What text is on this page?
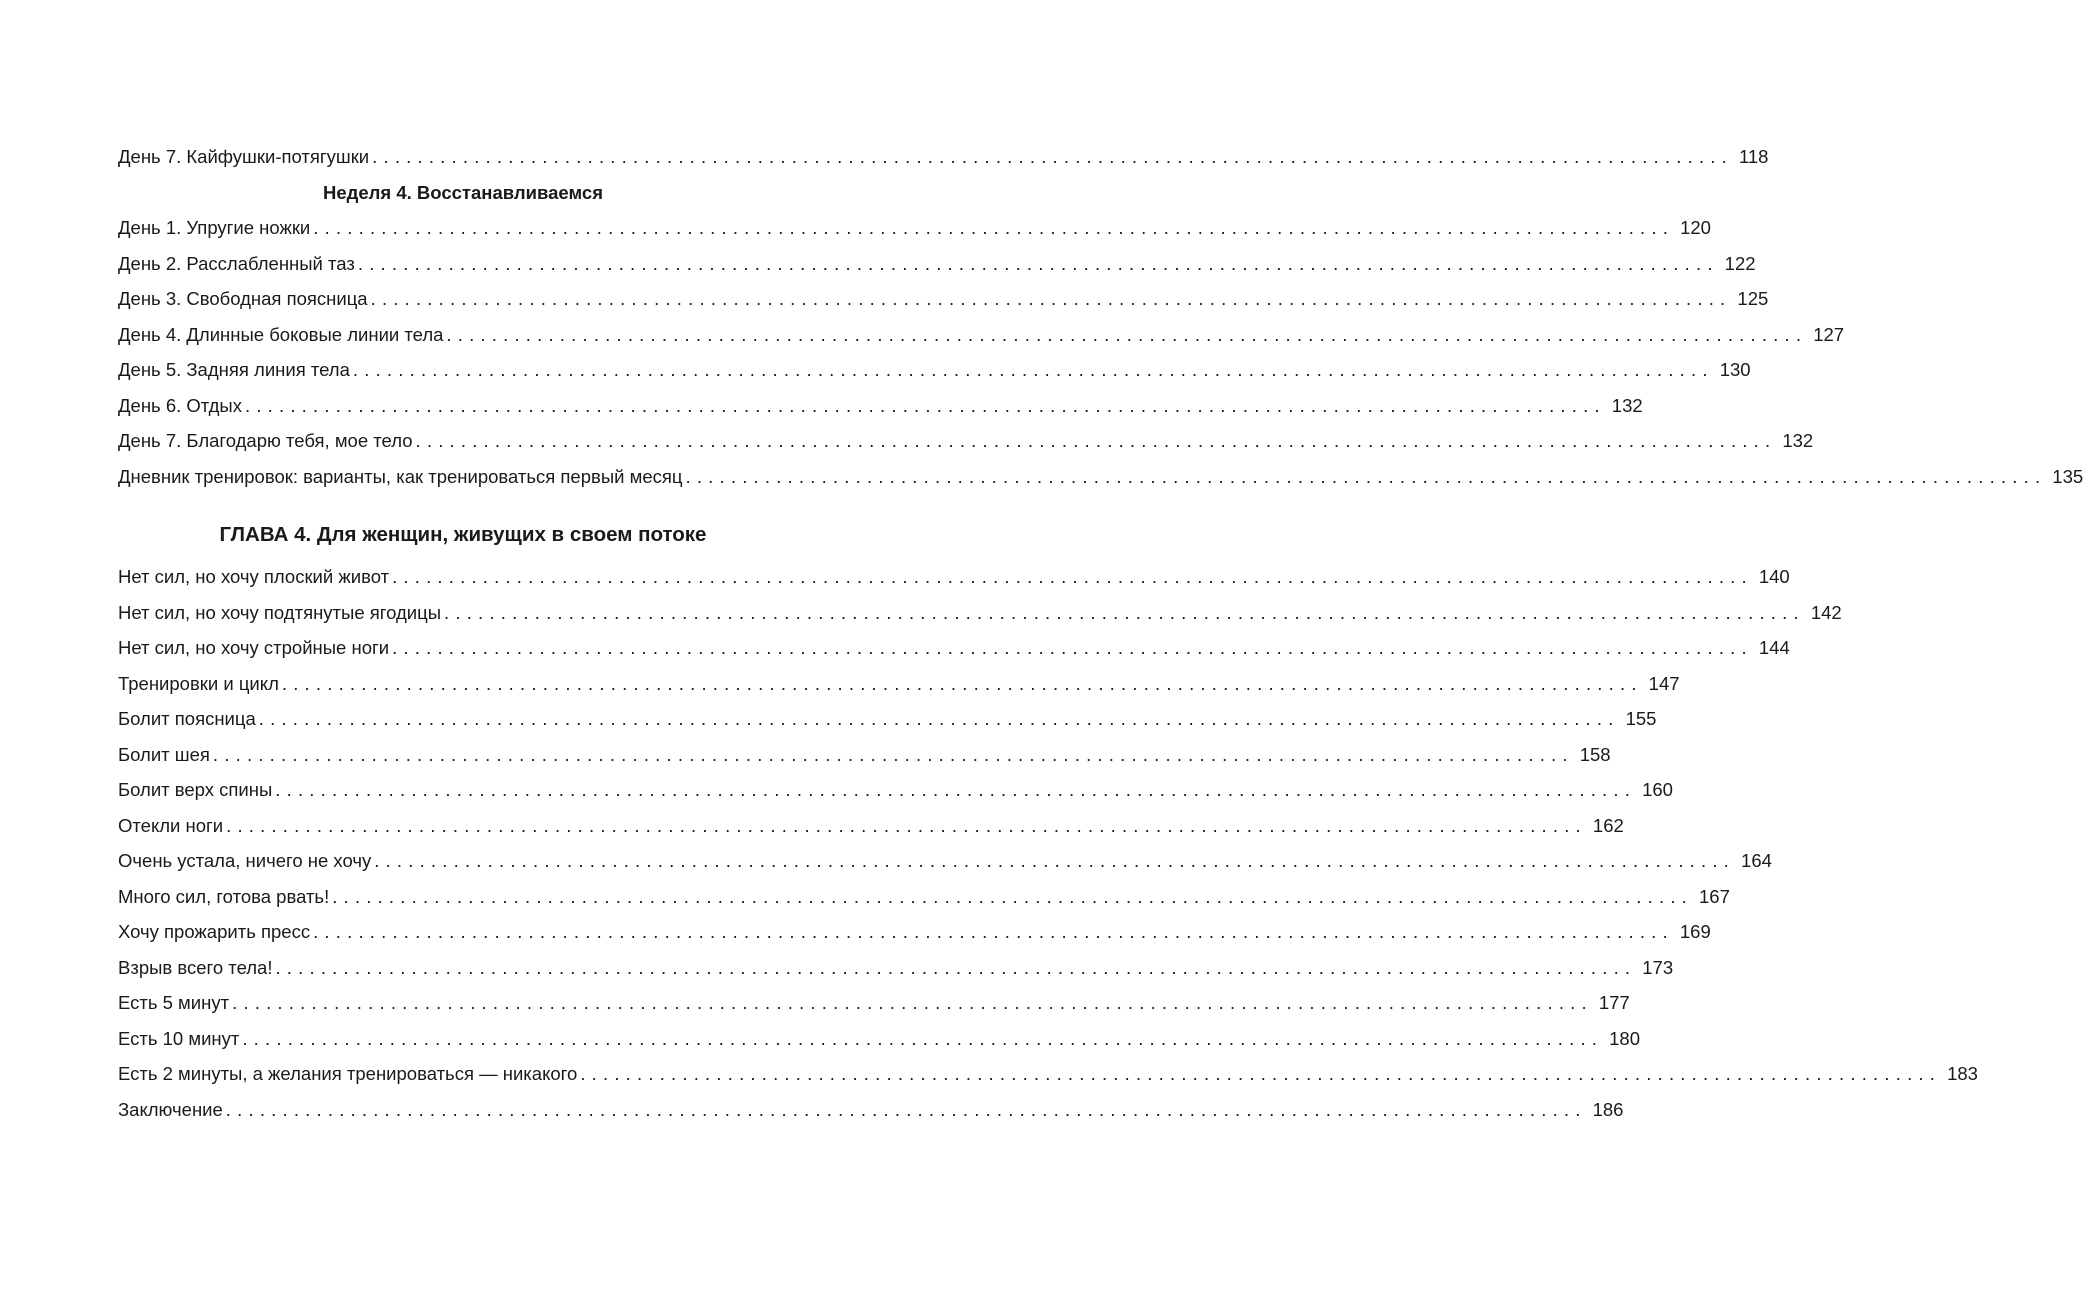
День 7. Кайфушки-потягушки ........................................................................................................................ 118
Неделя 4. Восстанавливаемся
День 1. Упругие ножки ........................................................................................................................ 120
День 2. Расслабленный таз ........................................................................................................................ 122
День 3. Свободная поясница ........................................................................................................................ 125
День 4. Длинные боковые линии тела ........................................................................................................................ 127
День 5. Задняя линия тела ........................................................................................................................ 130
День 6. Отдых ........................................................................................................................ 132
День 7. Благодарю тебя, мое тело ........................................................................................................................ 132
Дневник тренировок: варианты, как тренироваться первый месяц ........................................................................................................................ 135
ГЛАВА 4. Для женщин, живущих в своем потоке
Нет сил, но хочу плоский живот ........................................................................................................................ 140
Нет сил, но хочу подтянутые ягодицы ........................................................................................................................ 142
Нет сил, но хочу стройные ноги ........................................................................................................................ 144
Тренировки и цикл ........................................................................................................................ 147
Болит поясница ........................................................................................................................ 155
Болит шея ........................................................................................................................ 158
Болит верх спины ........................................................................................................................ 160
Отекли ноги ........................................................................................................................ 162
Очень устала, ничего не хочу ........................................................................................................................ 164
Много сил, готова рвать! ........................................................................................................................ 167
Хочу прожарить пресс ........................................................................................................................ 169
Взрыв всего тела! ........................................................................................................................ 173
Есть 5 минут ........................................................................................................................ 177
Есть 10 минут ........................................................................................................................ 180
Есть 2 минуты, а желания тренироваться — никакого ........................................................................................................................ 183
Заключение ........................................................................................................................ 186
